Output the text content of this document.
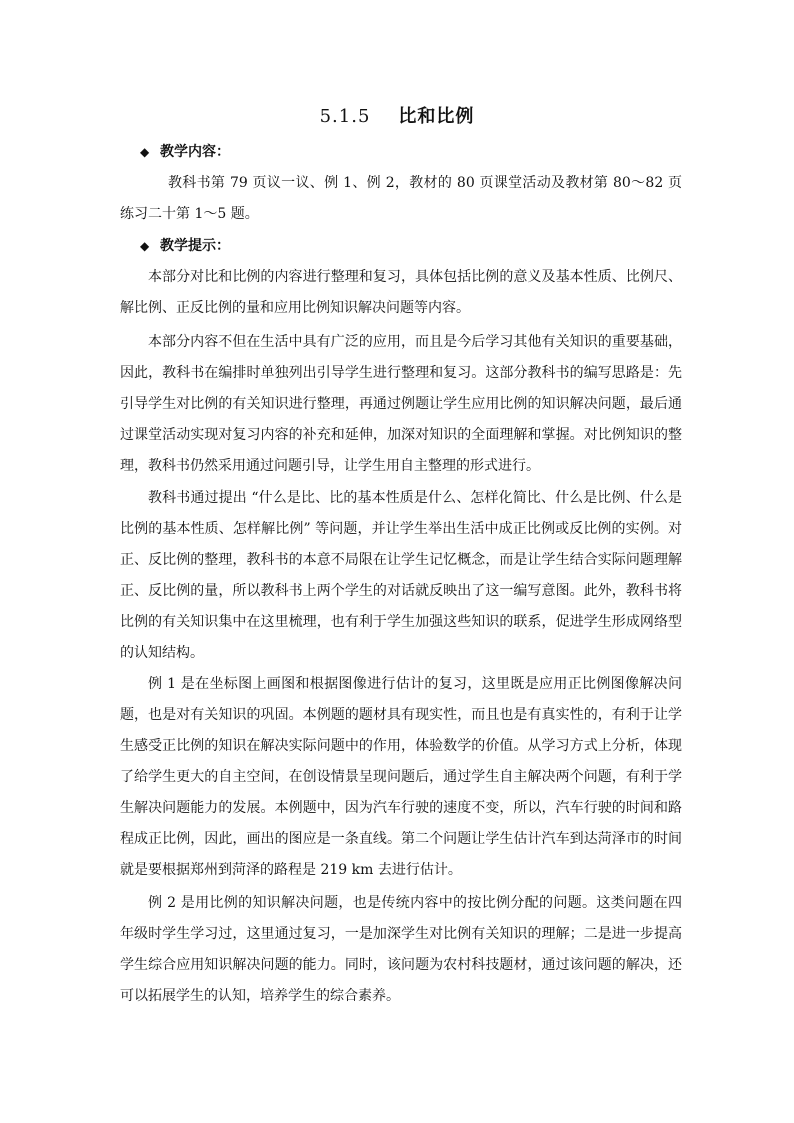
5.1.5 比和比例
◆ 教学内容：
教科书第 79 页议一议、例 1、例 2，教材的 80 页课堂活动及教材第 80～82 页练习二十第 1～5 题。
◆ 教学提示：
本部分对比和比例的内容进行整理和复习，具体包括比例的意义及基本性质、比例尺、解比例、正反比例的量和应用比例知识解决问题等内容。
本部分内容不但在生活中具有广泛的应用，而且是今后学习其他有关知识的重要基础，因此，教科书在编排时单独列出引导学生进行整理和复习。这部分教科书的编写思路是：先引导学生对比例的有关知识进行整理，再通过例题让学生应用比例的知识解决问题，最后通过课堂活动实现对复习内容的补充和延伸，加深对知识的全面理解和掌握。对比例知识的整理，教科书仍然采用通过问题引导，让学生用自主整理的形式进行。
教科书通过提出 “什么是比、比的基本性质是什么、怎样化简比、什么是比例、什么是比例的基本性质、怎样解比例” 等问题，并让学生举出生活中成正比例或反比例的实例。对正、反比例的整理，教科书的本意不局限在让学生记忆概念，而是让学生结合实际问题理解正、反比例的量，所以教科书上两个学生的对话就反映出了这一编写意图。此外，教科书将比例的有关知识集中在这里梳理，也有利于学生加强这些知识的联系，促进学生形成网络型的认知结构。
例 1 是在坐标图上画图和根据图像进行估计的复习，这里既是应用正比例图像解决问题，也是对有关知识的巩固。本例题的题材具有现实性，而且也是有真实性的，有利于让学生感受正比例的知识在解决实际问题中的作用，体验数学的价值。从学习方式上分析，体现了给学生更大的自主空间，在创设情景呈现问题后，通过学生自主解决两个问题，有利于学生解决问题能力的发展。本例题中，因为汽车行驶的速度不变，所以，汽车行驶的时间和路程成正比例，因此，画出的图应是一条直线。第二个问题让学生估计汽车到达菏泽市的时间就是要根据郑州到菏泽的路程是 219 km 去进行估计。
例 2 是用比例的知识解决问题，也是传统内容中的按比例分配的问题。这类问题在四年级时学生学习过，这里通过复习，一是加深学生对比例有关知识的理解；二是进一步提高学生综合应用知识解决问题的能力。同时，该问题为农村科技题材，通过该问题的解决，还可以拓展学生的认知，培养学生的综合素养。
